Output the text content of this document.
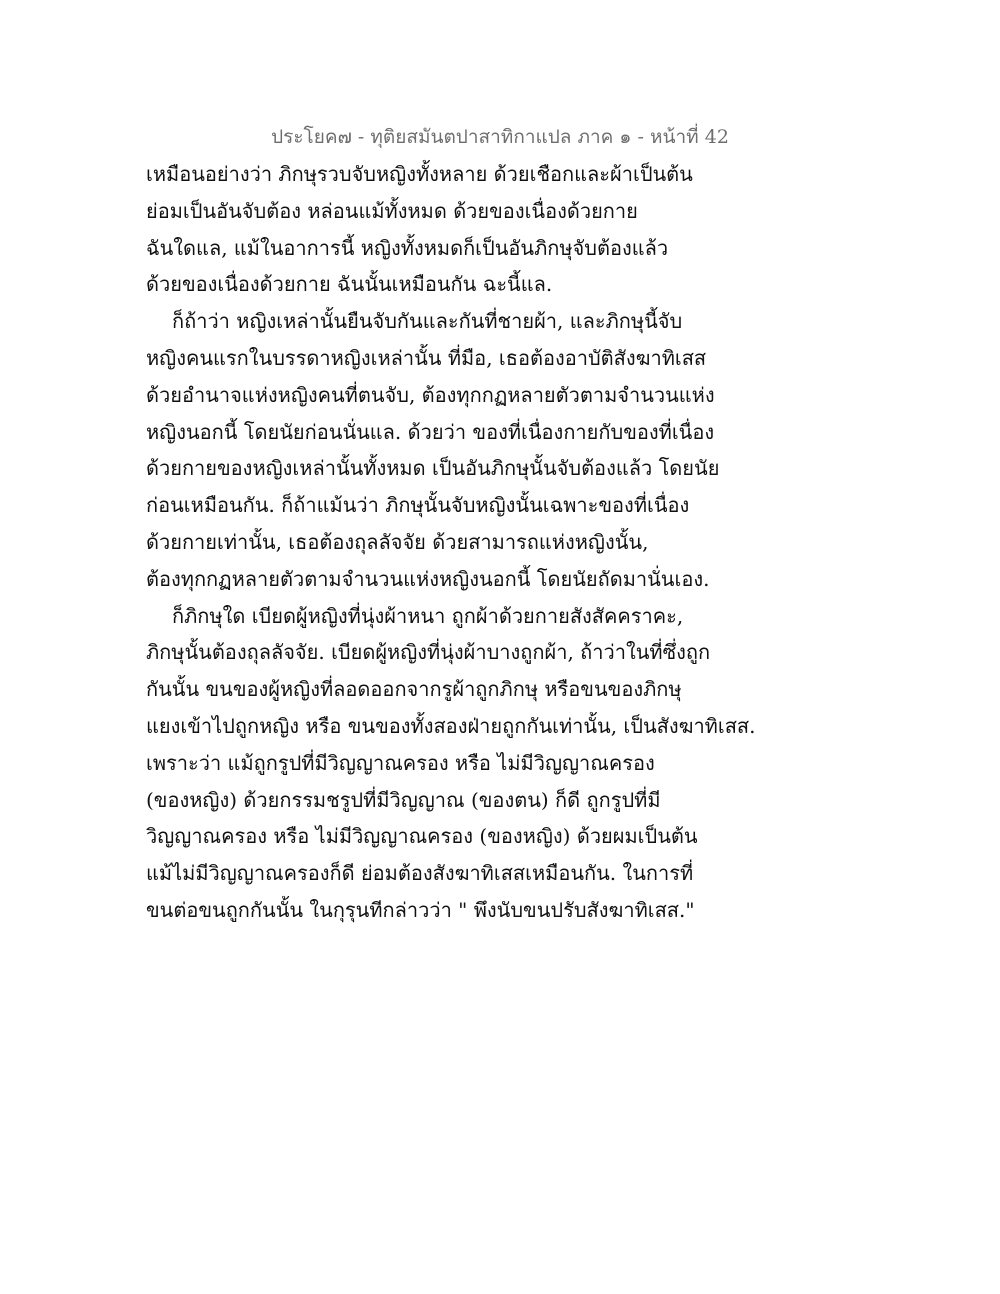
ประโยค๗ - ทุติยสมันตปาสาทิกาแปล ภาค ๑ - หน้าที่ 42
เหมือนอย่างว่า ภิกษุรวบจับหญิงทั้งหลาย ด้วยเชือกและผ้าเป็นต้น
ย่อมเป็นอันจับต้อง หล่อนแม้ทั้งหมด ด้วยของเนื่องด้วยกาย
ฉันใดแล, แม้ในอาการนี้ หญิงทั้งหมดก็เป็นอันภิกษุจับต้องแล้ว
ด้วยของเนื่องด้วยกาย ฉันนั้นเหมือนกัน ฉะนี้แล.
ก็ถ้าว่า หญิงเหล่านั้นยืนจับกันและกันที่ชายผ้า, และภิกษุนี้จับ
หญิงคนแรกในบรรดาหญิงเหล่านั้น ที่มือ, เธอต้องอาบัติสังฆาทิเสส
ด้วยอำนาจแห่งหญิงคนที่ตนจับ, ต้องทุกกฏหลายตัวตามจำนวนแห่ง
หญิงนอกนี้ โดยนัยก่อนนั่นแล. ด้วยว่า ของที่เนื่องกายกับของที่เนื่อง
ด้วยกายของหญิงเหล่านั้นทั้งหมด เป็นอันภิกษุนั้นจับต้องแล้ว โดยนัย
ก่อนเหมือนกัน. ก็ถ้าแม้นว่า ภิกษุนั้นจับหญิงนั้นเฉพาะของที่เนื่อง
ด้วยกายเท่านั้น, เธอต้องถุลลัจจัย ด้วยสามารถแห่งหญิงนั้น,
ต้องทุกกฏหลายตัวตามจำนวนแห่งหญิงนอกนี้ โดยนัยถัดมานั่นเอง.
ก็ภิกษุใด เบียดผู้หญิงที่นุ่งผ้าหนา ถูกผ้าด้วยกายสังสัคคราคะ,
ภิกษุนั้นต้องถุลลัจจัย. เบียดผู้หญิงที่นุ่งผ้าบางถูกผ้า, ถ้าว่าในที่ซึ่งถูก
กันนั้น ขนของผู้หญิงที่ลอดออกจากรูผ้าถูกภิกษุ หรือขนของภิกษุ
แยงเข้าไปถูกหญิง หรือ ขนของทั้งสองฝ่ายถูกกันเท่านั้น, เป็นสังฆาทิเสส.
เพราะว่า แม้ถูกรูปที่มีวิญญาณครอง หรือ ไม่มีวิญญาณครอง
(ของหญิง) ด้วยกรรมชรูปที่มีวิญญาณ (ของตน) ก็ดี ถูกรูปที่มี
วิญญาณครอง หรือ ไม่มีวิญญาณครอง (ของหญิง) ด้วยผมเป็นต้น
แม้ไม่มีวิญญาณครองก็ดี ย่อมต้องสังฆาทิเสสเหมือนกัน. ในการที่
ขนต่อขนถูกกันนั้น ในกุรุนทีกล่าวว่า " พึงนับขนปรับสังฆาทิเสส."
